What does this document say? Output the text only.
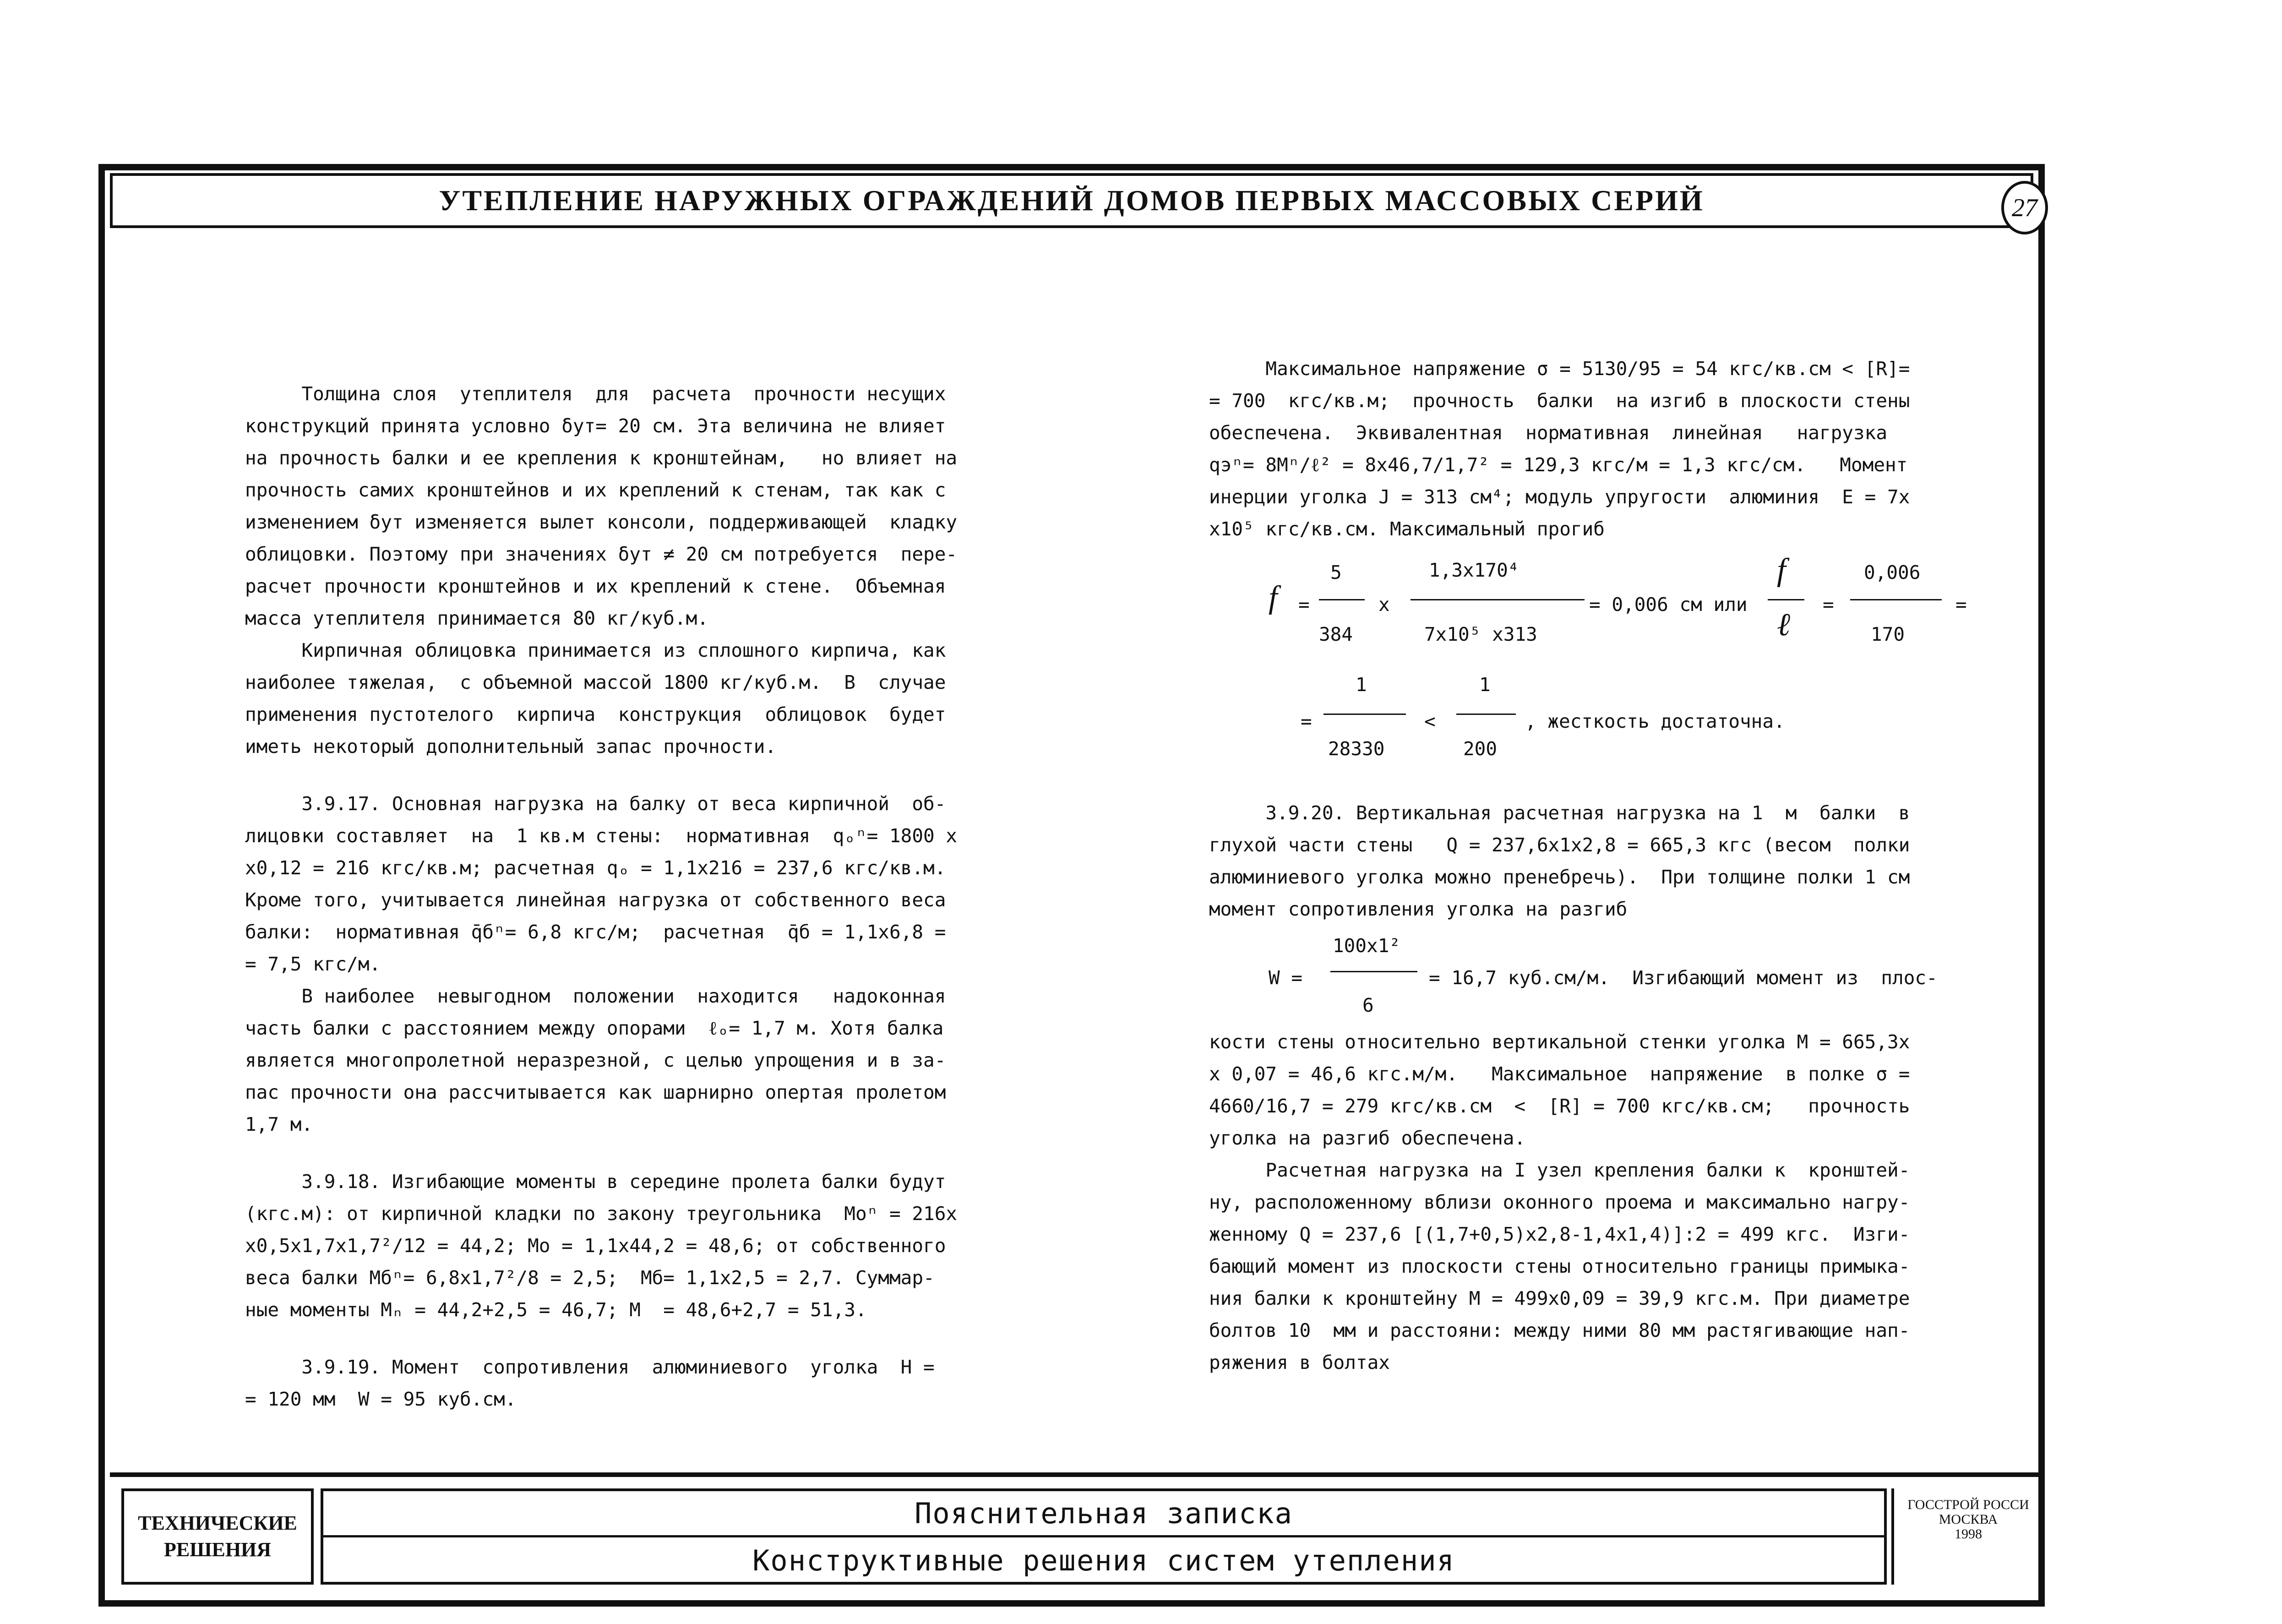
УТЕПЛЕНИЕ НАРУЖНЫХ ОГРАЖДЕНИЙ ДОМОВ ПЕРВЫХ МАССОВЫХ СЕРИЙ	27

Толщина слоя  утеплителя  для  расчета  прочности несущих

конструкций принята условно δут= 20 см. Эта величина не влияет

на прочность балки и ее крепления к кронштейнам,   но влияет на

прочность самих кронштейнов и их креплений к стенам, так как с

изменением δут изменяется вылет консоли, поддерживающей  кладку

облицовки. Поэтому при значениях δут ≠ 20 см потребуется  пере-

расчет прочности кронштейнов и их креплений к стене.  Объемная

масса утеплителя принимается 80 кг/куб.м.

Кирпичная облицовка принимается из сплошного кирпича, как

наиболее тяжелая,  с объемной массой 1800 кг/куб.м.  В  случае

применения пустотелого  кирпича  конструкция  облицовок  будет

иметь некоторый дополнительный запас прочности.

3.9.17. Основная нагрузка на балку от веса кирпичной  об-

лицовки составляет  на  1 кв.м стены:  нормативная  qₒⁿ= 1800 х

х0,12 = 216 кгс/кв.м; расчетная qₒ = 1,1х216 = 237,6 кгс/кв.м.

Кроме того, учитывается линейная нагрузка от собственного веса

балки:  нормативная q̄бⁿ= 6,8 кгс/м;  расчетная  q̄б = 1,1х6,8 =

= 7,5 кгс/м.

В наиболее  невыгодном  положении  находится   надоконная

часть балки с расстоянием между опорами  ℓₒ= 1,7 м. Хотя балка

является многопролетной неразрезной, с целью упрощения и в за-

пас прочности она рассчитывается как шарнирно опертая пролетом

1,7 м.

3.9.18. Изгибающие моменты в середине пролета балки будут

(кгс.м): от кирпичной кладки по закону треугольника  Moⁿ = 216х

х0,5х1,7х1,7²/12 = 44,2; Mo = 1,1х44,2 = 48,6; от собственного

веса балки Mбⁿ= 6,8х1,7²/8 = 2,5;  Mб= 1,1х2,5 = 2,7. Суммар-

ные моменты Mₙ = 44,2+2,5 = 46,7; M  = 48,6+2,7 = 51,3.

3.9.19. Момент  сопротивления  алюминиевого  уголка  H =

= 120 мм  W = 95 куб.см.

Максимальное напряжение σ = 5130/95 = 54 кгс/кв.см < [R]=

= 700  кгс/кв.м;  прочность  балки  на изгиб в плоскости стены

обеспечена.  Эквивалентная  нормативная  линейная   нагрузка

qэⁿ= 8Mⁿ/ℓ² = 8х46,7/1,7² = 129,3 кгс/м = 1,3 кгс/см.   Момент

инерции уголка J = 313 см⁴; модуль упругости  алюминия  E = 7х

х10⁵ кгс/кв.см. Максимальный прогиб

f =
5
384
х
1,3х170⁴
7х10⁵ х313
= 0,006 см или
f
ℓ
=
0,006
170
=
=
1
28330
<
1
200
, жесткость достаточна.

3.9.20. Вертикальная расчетная нагрузка на 1  м  балки  в

глухой части стены   Q = 237,6х1х2,8 = 665,3 кгс (весом  полки

алюминиевого уголка можно пренебречь).  При толщине полки 1 см

момент сопротивления уголка на разгиб

100х1²
W =
6
= 16,7 куб.см/м.  Изгибающий момент из  плос-

кости стены относительно вертикальной стенки уголка M = 665,3х

х 0,07 = 46,6 кгс.м/м.   Максимальное  напряжение  в полке σ =

4660/16,7 = 279 кгс/кв.см  <  [R] = 700 кгс/кв.см;   прочность

уголка на разгиб обеспечена.

Расчетная нагрузка на I узел крепления балки к  кронштей-

ну, расположенному вблизи оконного проема и максимально нагру-

женному Q = 237,6 [(1,7+0,5)х2,8-1,4х1,4)]:2 = 499 кгс.  Изги-

бающий момент из плоскости стены относительно границы примыка-

ния балки к кронштейну M = 499х0,09 = 39,9 кгс.м. При диаметре

болтов 10  мм и расстояни: между ними 80 мм растягивающие нап-

ряжения в болтах

ТЕХНИЧЕСКИЕ
РЕШЕНИЯ
Пояснительная записка
Конструктивные решения систем утепления
ГОССТРОЙ РОССИ
МОСКВА
1998
